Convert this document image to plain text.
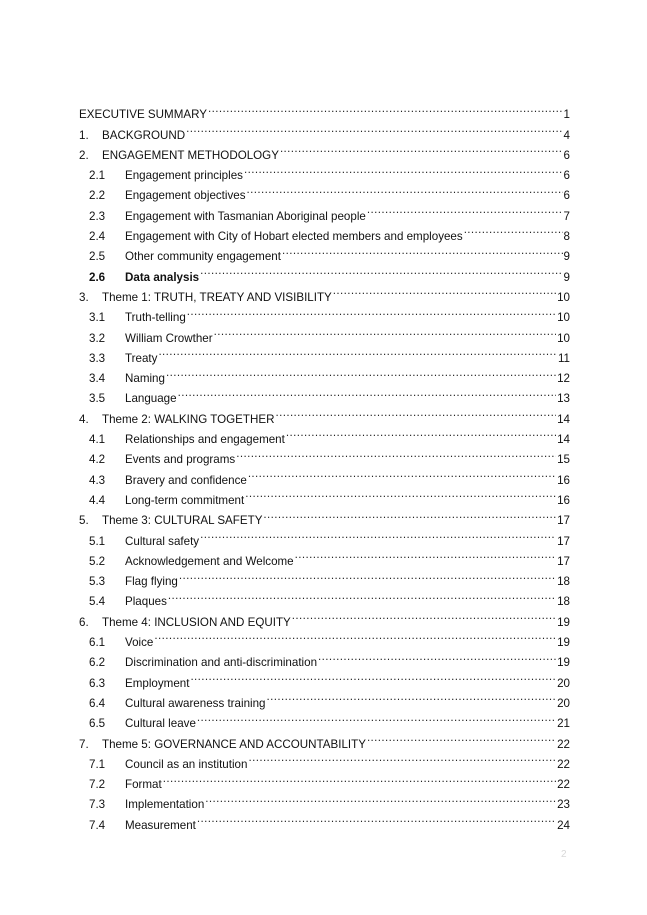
EXECUTIVE SUMMARY .....	1
1.	BACKGROUND .....	4
2.	ENGAGEMENT METHODOLOGY .....	6
2.1	Engagement principles .....	6
2.2	Engagement objectives .....	6
2.3	Engagement with Tasmanian Aboriginal people .....	7
2.4	Engagement with City of Hobart elected members and employees .....	8
2.5	Other community engagement .....	9
2.6	Data analysis .....	9
3.	Theme 1: TRUTH, TREATY AND VISIBILITY .....	10
3.1	Truth-telling .....	10
3.2	William Crowther .....	10
3.3	Treaty .....	11
3.4	Naming .....	12
3.5	Language .....	13
4.	Theme 2: WALKING TOGETHER .....	14
4.1	Relationships and engagement .....	14
4.2	Events and programs .....	15
4.3	Bravery and confidence .....	16
4.4	Long-term commitment .....	16
5.	Theme 3: CULTURAL SAFETY .....	17
5.1	Cultural safety .....	17
5.2	Acknowledgement and Welcome .....	17
5.3	Flag flying .....	18
5.4	Plaques .....	18
6.	Theme 4: INCLUSION AND EQUITY .....	19
6.1	Voice .....	19
6.2	Discrimination and anti-discrimination .....	19
6.3	Employment .....	20
6.4	Cultural awareness training .....	20
6.5	Cultural leave .....	21
7.	Theme 5: GOVERNANCE AND ACCOUNTABILITY .....	22
7.1	Council as an institution .....	22
7.2	Format .....	22
7.3	Implementation .....	23
7.4	Measurement .....	24
2
